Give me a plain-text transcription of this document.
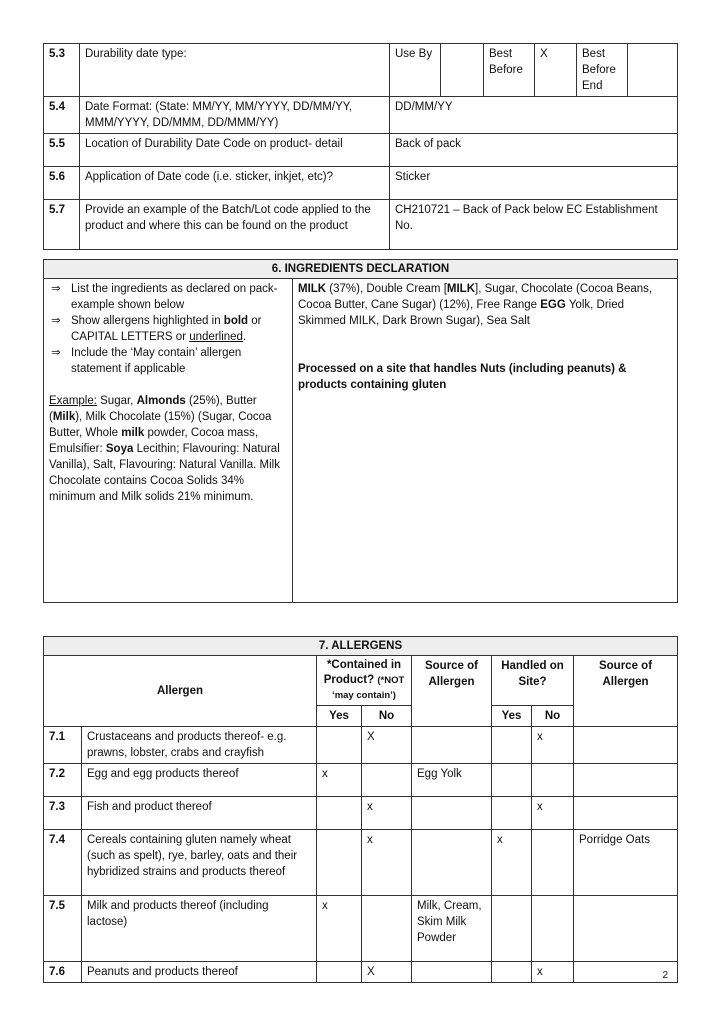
5.3	Durability date type:	Use By		Best Before	X	Best Before End	
5.4	Date Format: (State: MM/YY, MM/YYYY, DD/MM/YY, MMM/YYYY, DD/MMM, DD/MMM/YY)	DD/MM/YY					
5.5	Location of Durability Date Code on product- detail	Back of pack					
5.6	Application of Date code (i.e. sticker, inkjet, etc)?	Sticker					
5.7	Provide an example of the Batch/Lot code applied to the product and where this can be found on the product	CH210721 – Back of Pack below EC Establishment No.					
6. INGREDIENTS DECLARATION

⇒ List the ingredients as declared on pack- example shown below
⇒ Show allergens highlighted in bold or CAPITAL LETTERS or underlined.
⇒ Include the ‘May contain’ allergen statement if applicable
Example: Sugar, Almonds (25%), Butter (Milk), Milk Chocolate (15%) (Sugar, Cocoa Butter, Whole milk powder, Cocoa mass, Emulsifier: Soya Lecithin; Flavouring: Natural Vanilla), Salt, Flavouring: Natural Vanilla. Milk Chocolate contains Cocoa Solids 34% minimum and Milk solids 21% minimum.

MILK (37%), Double Cream [MILK], Sugar, Chocolate (Cocoa Beans, Cocoa Butter, Cane Sugar) (12%), Free Range EGG Yolk, Dried Skimmed MILK, Dark Brown Sugar), Sea Salt
Processed on a site that handles Nuts (including peanuts) & products containing gluten
7. ALLERGENS							
Allergen		*Contained in Product? (*NOT ‘may contain’)		Source of Allergen	Handled on Site?		Source of Allergen
		Yes	No		Yes	No	
7.1	Crustaceans and products thereof- e.g. prawns, lobster, crabs and crayfish		X			x	
7.2	Egg and egg products thereof	x		Egg Yolk			
7.3	Fish and product thereof		x			x	
7.4	Cereals containing gluten namely wheat (such as spelt), rye, barley, oats and their hybridized strains and products thereof		x		x		Porridge Oats
7.5	Milk and products thereof (including lactose)	x		Milk, Cream, Skim Milk Powder			
7.6	Peanuts and products thereof		X			x		2
